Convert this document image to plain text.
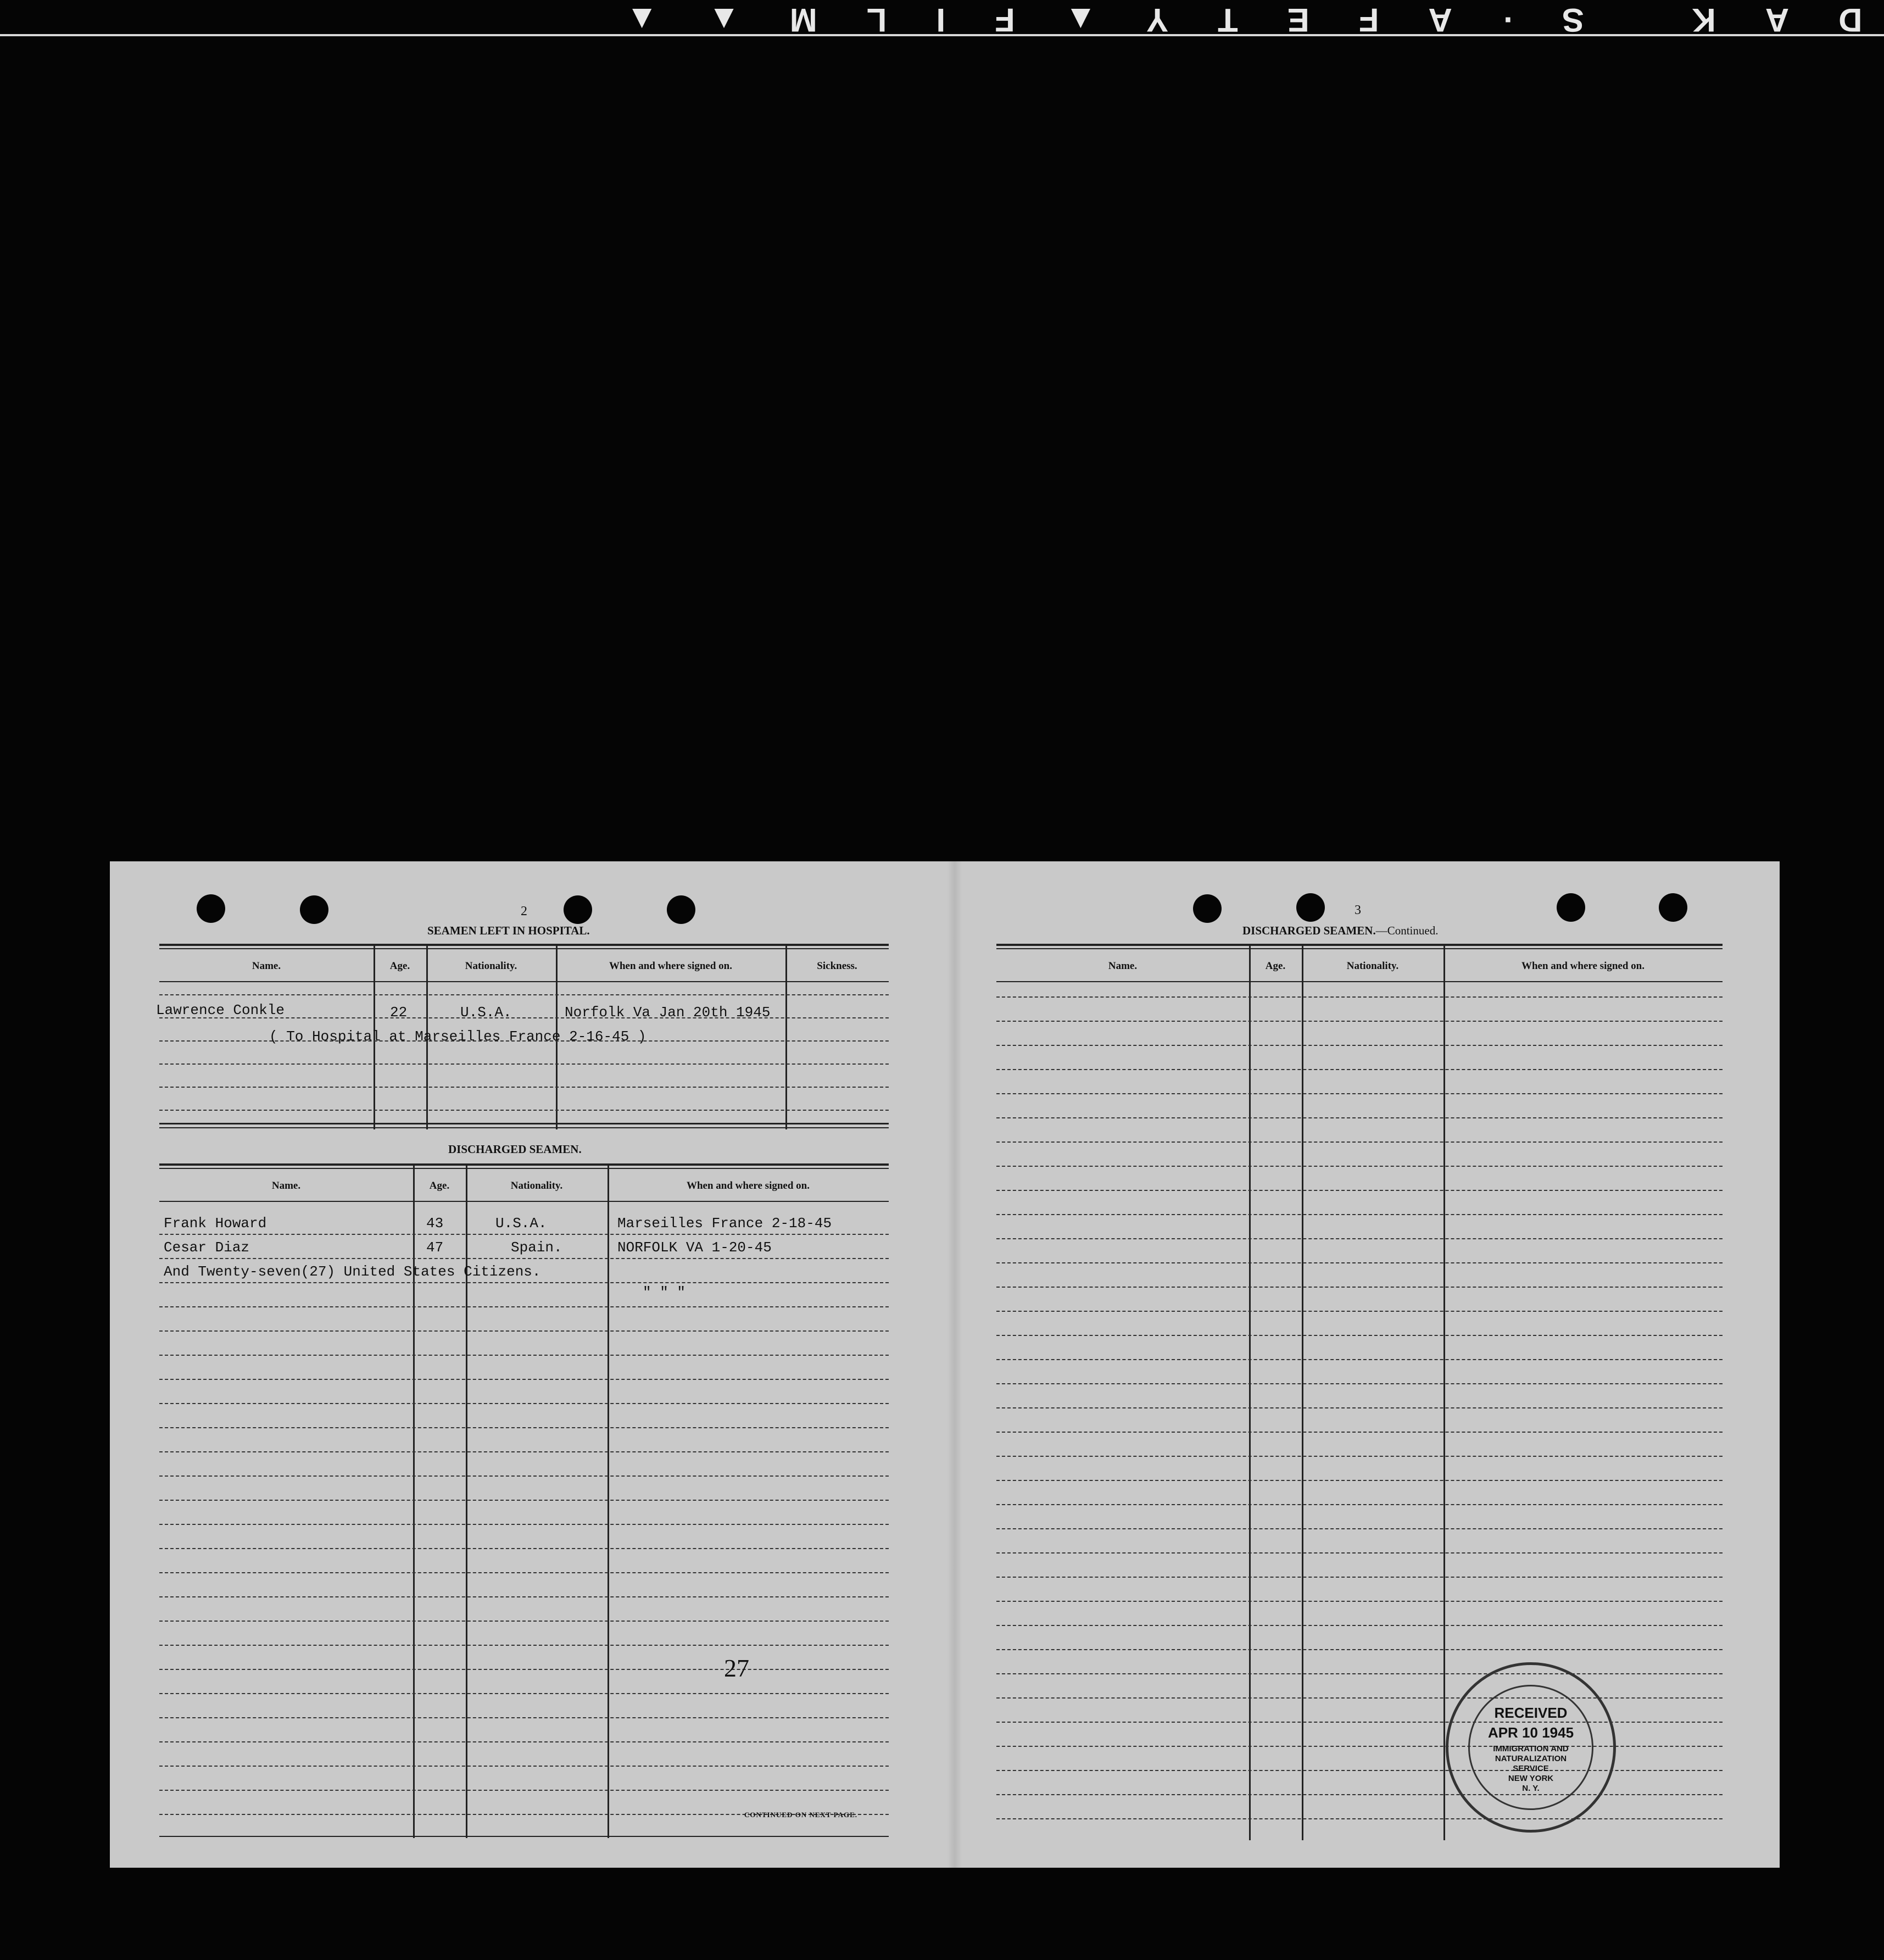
DAK S·AFETY▲FILM▲▲
2
SEAMEN LEFT IN HOSPITAL.
Name.	Age.	Nationality.	When and where signed on.	Sickness.
Lawrence Conkle	22	U.S.A.	Norfolk Va Jan 20th 1945
( To Hospital at Marseilles France 2-16-45 )
DISCHARGED SEAMEN.
Name.	Age.	Nationality.	When and where signed on.
Frank Howard	43	U.S.A.	Marseilles France 2-18-45
Cesar Diaz	47	Spain.	NORFOLK VA 1-20-45
And Twenty-seven(27) United States Citizens.
" " "
27
CONTINUED ON NEXT PAGE.
3
DISCHARGED SEAMEN.—Continued.
Name.	Age.	Nationality.	When and where signed on.
RECEIVED
APR 10 1945
IMMIGRATION AND
NATURALIZATION
SERVICE
NEW YORK
N. Y.
